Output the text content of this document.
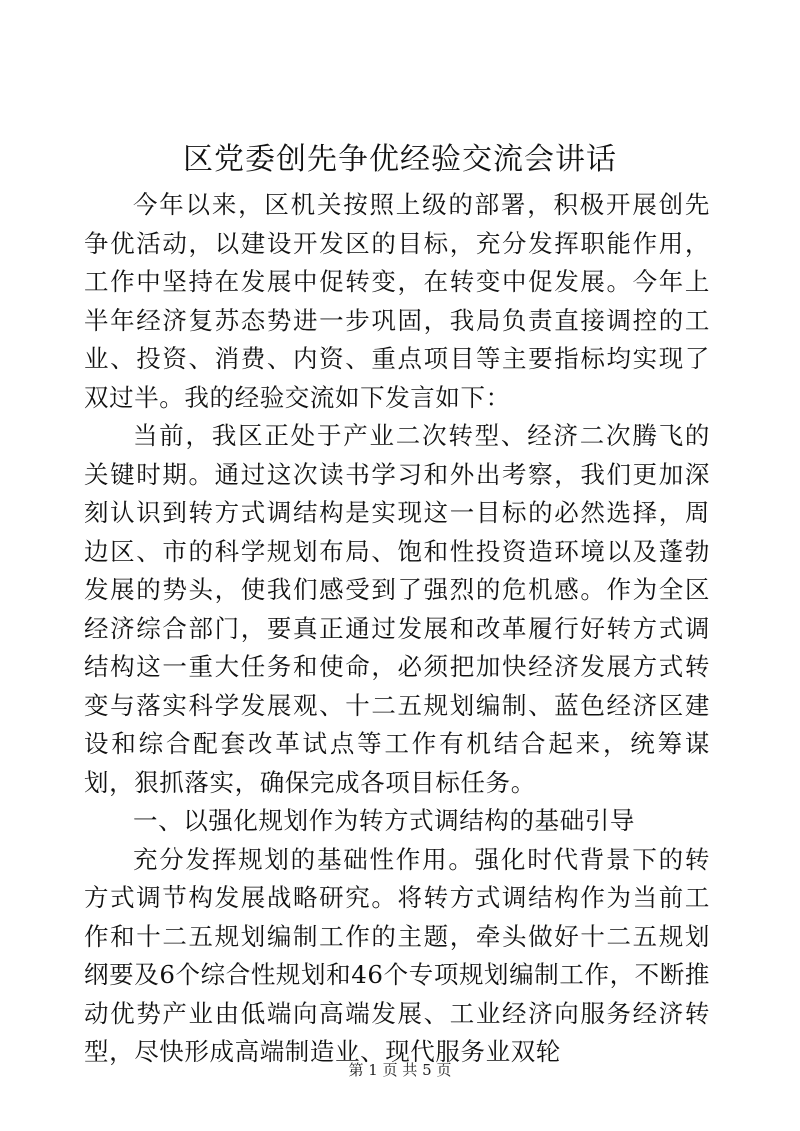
区党委创先争优经验交流会讲话

今年以来，区机关按照上级的部署，积极开展创先争优活动，以建设开发区的目标，充分发挥职能作用，工作中坚持在发展中促转变，在转变中促发展。今年上半年经济复苏态势进一步巩固，我局负责直接调控的工业、投资、消费、内资、重点项目等主要指标均实现了双过半。我的经验交流如下发言如下：

当前，我区正处于产业二次转型、经济二次腾飞的关键时期。通过这次读书学习和外出考察，我们更加深刻认识到转方式调结构是实现这一目标的必然选择，周边区、市的科学规划布局、饱和性投资造环境以及蓬勃发展的势头，使我们感受到了强烈的危机感。作为全区经济综合部门，要真正通过发展和改革履行好转方式调结构这一重大任务和使命，必须把加快经济发展方式转变与落实科学发展观、十二五规划编制、蓝色经济区建设和综合配套改革试点等工作有机结合起来，统筹谋划，狠抓落实，确保完成各项目标任务。

一、以强化规划作为转方式调结构的基础引导

充分发挥规划的基础性作用。强化时代背景下的转方式调节构发展战略研究。将转方式调结构作为当前工作和十二五规划编制工作的主题，牵头做好十二五规划纲要及6个综合性规划和46个专项规划编制工作，不断推动优势产业由低端向高端发展、工业经济向服务经济转型，尽快形成高端制造业、现代服务业双轮

第 1 页 共 5 页
